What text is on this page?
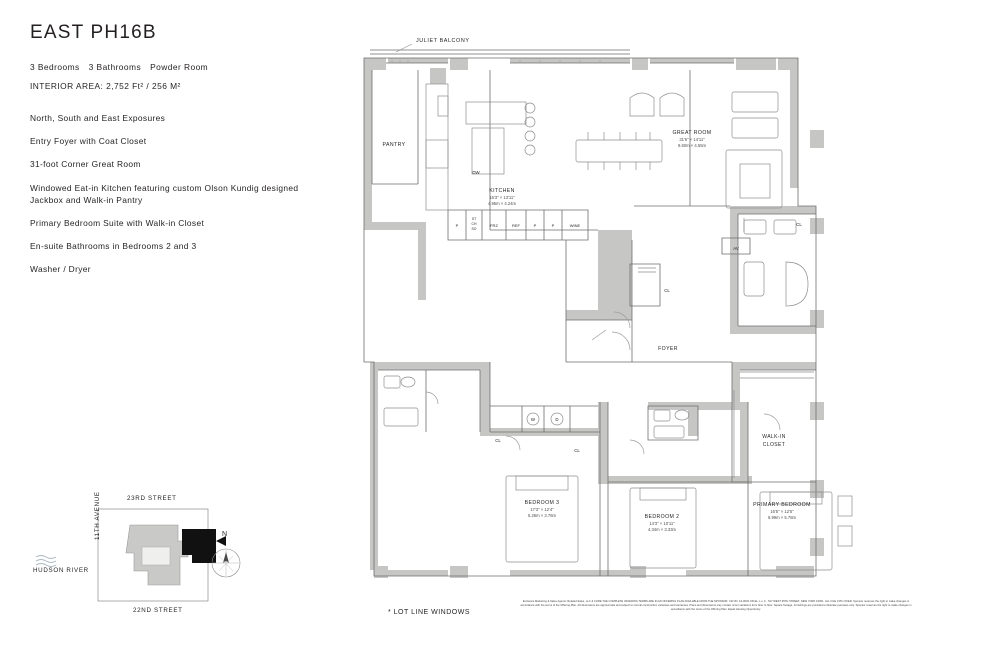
EAST PH16B
3 Bedrooms 3 Bathrooms Powder Room
INTERIOR AREA: 2,752 Ft² / 256 M²
North, South and East Exposures
Entry Foyer with Coat Closet
31-foot Corner Great Room
Windowed Eat-in Kitchen featuring custom Olson Kundig designed Jackbox and Walk-in Pantry
Primary Bedroom Suite with Walk-in Closet
En-suite Bathrooms in Bedrooms 2 and 3
Washer / Dryer
23RD STREET
22ND STREET
11TH AVENUE
HUDSON RIVER
N
PANTRY
KITCHEN
16'3" × 13'11"
4.95m × 4.24m
GREAT ROOM
31'6" × 14'11"
9.60m × 4.55m
FOYER
WALK-IN
CLOSET
BEDROOM 3
17'3" × 12'4"
5.26m × 3.76m	BEDROOM 2
14'3" × 10'11"
4.34m × 3.33m
PRIMARY BEDROOM
16'5" × 12'5"
6.99m × 5.78m
CL
CL
CL
CL
DW
AV
W	D
P
ST
CH
SO
FRZ	REF	P	P	WINE
JULIET BALCONY
* LOT LINE WINDOWS
Exclusive Marketing & Sales Agents: Related Sales, LLC & CORE THE COMPLETE OFFERING TERMS ARE IN AN OFFERING PLAN AVAILABLE FROM THE SPONSOR. CD NO. 19-0003 OR EL, L.L.C., 517 WEST 35TH STREET, NEW YORK 10001. ALL FILE 13TH OVER. Sponsor reserves the right to make changes in accordance with the terms of the Offering Plan. All dimensions are approximate and subject to normal construction variances and tolerances. Plans and dimensions may contain minor variations from floor to floor. Square footage, furnishings are provided to illustrate purposes only. Sponsor reserves the right to make changes in accordance with the terms of the Offering Plan. Equal Housing Opportunity.
